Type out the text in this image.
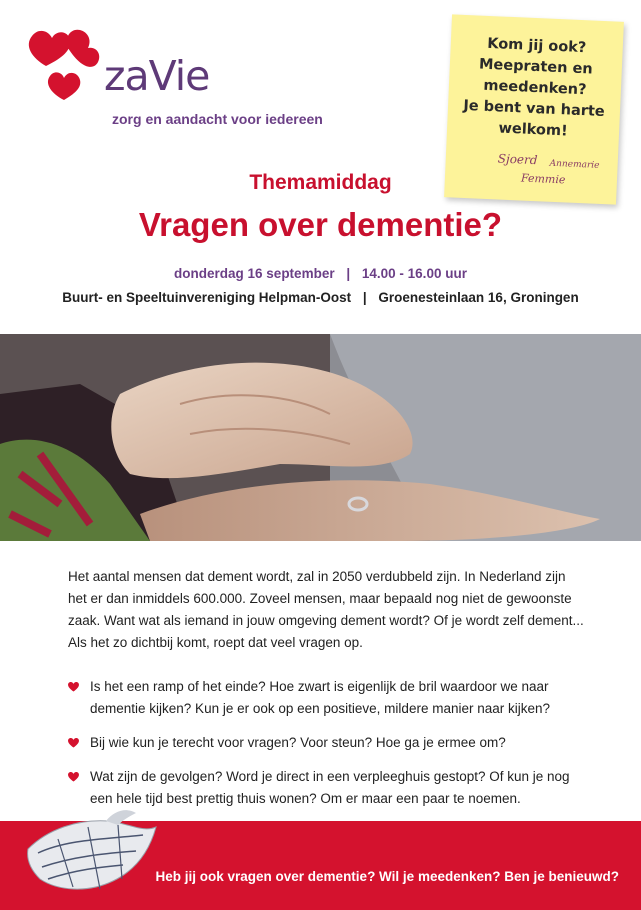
zaVie
zorg en aandacht voor iedereen

Kom jij ook?
Meepraten en
meedenken?
Je bent van harte
welkom!

Sjoerd Annemarie
Femmie
Themamiddag
Vragen over dementie?
donderdag 16 september | 14.00 - 16.00 uur
Buurt- en Speeltuinvereniging Helpman-Oost | Groenesteinlaan 16, Groningen

Het aantal mensen dat dement wordt, zal in 2050 verdubbeld zijn. In Nederland zijn het er dan inmiddels 600.000. Zoveel mensen, maar bepaald nog niet de gewoonste zaak. Want wat als iemand in jouw omgeving dement wordt? Of je wordt zelf dement... Als het zo dichtbij komt, roept dat veel vragen op.

Is het een ramp of het einde? Hoe zwart is eigenlijk de bril waardoor we naar dementie kijken? Kun je er ook op een positieve, mildere manier naar kijken?
Bij wie kun je terecht voor vragen? Voor steun? Hoe ga je ermee om?
Wat zijn de gevolgen? Word je direct in een verpleeghuis gestopt? Of kun je nog een hele tijd best prettig thuis wonen? Om er maar een paar te noemen.
Heb jij ook vragen over dementie? Wil je meedenken? Ben je benieuwd?
